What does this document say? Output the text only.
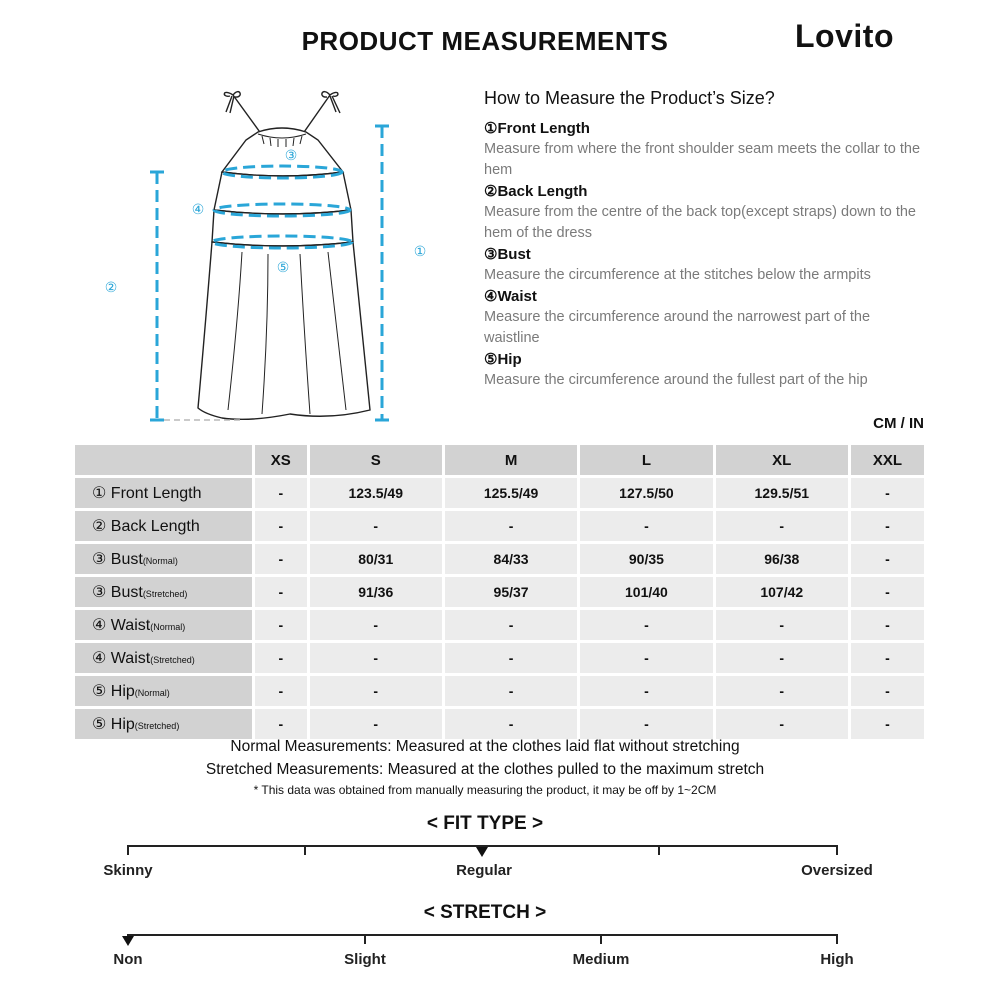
PRODUCT MEASUREMENTS	Lovito
①
②
③
④
⑤
How to Measure the Product’s Size?
①Front Length
Measure from where the front shoulder seam meets the collar to the hem
②Back Length
Measure from the centre of the back top(except straps) down to the hem of the dress
③Bust
Measure the circumference at the stitches below the armpits
④Waist
Measure the circumference around the narrowest part of the waistline
⑤Hip
Measure the circumference around the fullest part of the hip
CM / IN
	XS	S	M	L	XL	XXL
① Front Length	-	123.5/49	125.5/49	127.5/50	129.5/51	-
② Back Length	-	-	-	-	-	-
③ Bust(Normal)	-	80/31	84/33	90/35	96/38	-
③ Bust(Stretched)	-	91/36	95/37	101/40	107/42	-
④ Waist(Normal)	-	-	-	-	-	-
④ Waist(Stretched)	-	-	-	-	-	-
⑤ Hip(Normal)	-	-	-	-	-	-
⑤ Hip(Stretched)	-	-	-	-	-	-
Normal Measurements: Measured at the clothes laid flat without stretching
Stretched Measurements: Measured at the clothes pulled to the maximum stretch
* This data was obtained from manually measuring the product, it may be off by 1~2CM
< FIT TYPE >
Skinny	Regular	Oversized
< STRETCH >
Non	Slight	Medium	High
